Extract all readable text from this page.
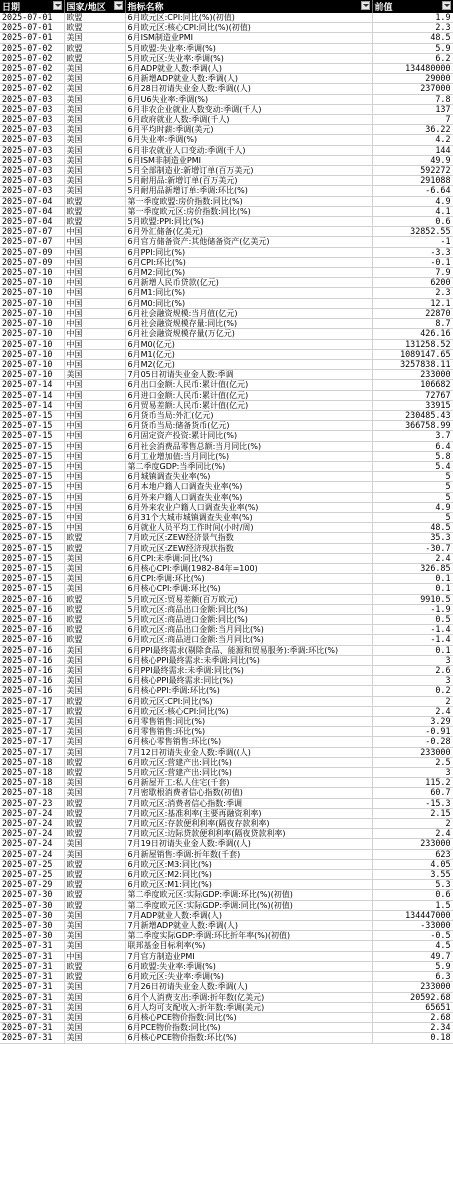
日期	国家/地区	指标名称	前值

2025-07-01	欧盟	6月欧元区:CPI:同比(%)(初值)	1.9
2025-07-01	欧盟	6月欧元区:核心CPI:同比(%)(初值)	2.3
2025-07-01	美国	6月ISM制造业PMI	48.5
2025-07-02	欧盟	5月欧盟:失业率:季调(%)	5.9
2025-07-02	欧盟	5月欧元区:失业率:季调(%)	6.2
2025-07-02	美国	6月ADP就业人数:季调(人)	134480000
2025-07-02	美国	6月新增ADP就业人数:季调(人)	29000
2025-07-02	美国	6月28日初请失业金人数:季调((人)	237000
2025-07-03	美国	6月U6失业率:季调(%)	7.8
2025-07-03	美国	6月非农企业就业人数变动:季调(千人)	137
2025-07-03	美国	6月政府就业人数:季调(千人)	7
2025-07-03	美国	6月平均时薪:季调(美元)	36.22
2025-07-03	美国	6月失业率:季调(%)	4.2
2025-07-03	美国	6月非农就业人口变动:季调(千人)	144
2025-07-03	美国	6月ISM非制造业PMI	49.9
2025-07-03	美国	5月全部制造业:新增订单(百万美元)	592272
2025-07-03	美国	5月耐用品:新增订单(百万美元)	291088
2025-07-03	美国	5月耐用品新增订单:季调:环比(%)	-6.64
2025-07-04	欧盟	第一季度欧盟:房价指数:同比(%)	4.9
2025-07-04	欧盟	第一季度欧元区:房价指数:同比(%)	4.1
2025-07-04	欧盟	5月欧盟:PPI:同比(%)	0.6
2025-07-07	中国	6月外汇储备(亿美元)	32852.55
2025-07-07	中国	6月官方储备资产:其他储备资产(亿美元)	-1
2025-07-09	中国	6月PPI:同比(%)	-3.3
2025-07-09	中国	6月CPI:环比(%)	-0.1
2025-07-10	中国	6月M2:同比(%)	7.9
2025-07-10	中国	6月新增人民币贷款(亿元)	6200
2025-07-10	中国	6月M1:同比(%)	2.3
2025-07-10	中国	6月M0:同比(%)	12.1
2025-07-10	中国	6月社会融资规模:当月值(亿元)	22870
2025-07-10	中国	6月社会融资规模存量:同比(%)	8.7
2025-07-10	中国	6月社会融资规模存量(万亿元)	426.16
2025-07-10	中国	6月M0(亿元)	131258.52
2025-07-10	中国	6月M1(亿元)	1089147.65
2025-07-10	中国	6月M2(亿元)	3257838.11
2025-07-10	美国	7月05日初请失业金人数:季调	233000
2025-07-14	中国	6月出口金额:人民币:累计值(亿元)	106682
2025-07-14	中国	6月进口金额:人民币:累计值(亿元)	72767
2025-07-14	中国	6月贸易差额:人民币:累计值(亿元)	33915
2025-07-15	中国	6月货币当局:外汇(亿元)	230485.43
2025-07-15	中国	6月货币当局:储备货币(亿元)	366758.99
2025-07-15	中国	6月固定资产投资:累计同比(%)	3.7
2025-07-15	中国	6月社会消费品零售总额:当月同比(%)	6.4
2025-07-15	中国	6月工业增加值:当月同比(%)	5.8
2025-07-15	中国	第二季度GDP:当季同比(%)	5.4
2025-07-15	中国	6月城镇调查失业率(%)	5
2025-07-15	中国	6月本地户籍人口调查失业率(%)	5
2025-07-15	中国	6月外来户籍人口调查失业率(%)	5
2025-07-15	中国	6月外来农业户籍人口调查失业率(%)	4.9
2025-07-15	中国	6月31个大城市城镇调查失业率(%)	5
2025-07-15	中国	6月就业人员平均工作时间(小时/周)	48.5
2025-07-15	欧盟	7月欧元区:ZEW经济景气指数	35.3
2025-07-15	欧盟	7月欧元区:ZEW经济现状指数	-30.7
2025-07-15	美国	6月CPI:未季调:同比(%)	2.4
2025-07-15	美国	6月核心CPI:季调(1982-84年=100)	326.85
2025-07-15	美国	6月CPI:季调:环比(%)	0.1
2025-07-15	美国	6月核心CPI:季调:环比(%)	0.1
2025-07-16	欧盟	5月欧元区:贸易差额(百万欧元)	9910.5
2025-07-16	欧盟	5月欧元区:商品出口金额:同比(%)	-1.9
2025-07-16	欧盟	5月欧元区:商品进口金额:同比(%)	0.5
2025-07-16	欧盟	6月欧元区:商品出口金额:当月同比(%)	-1.4
2025-07-16	欧盟	6月欧元区:商品进口金额:当月同比(%)	-1.4
2025-07-16	美国	6月PPI最终需求(剔除食品、能源和贸易服务):季调:环比(%)	0.1
2025-07-16	美国	6月核心PPI最终需求:未季调:同比(%)	3
2025-07-16	美国	6月PPI最终需求:未季调:同比(%)	2.6
2025-07-16	美国	6月核心PPI最终需求:同比(%)	3
2025-07-16	美国	6月核心PPI:季调:环比(%)	0.2
2025-07-17	欧盟	6月欧元区:CPI:同比(%)	2
2025-07-17	欧盟	6月欧元区:核心CPI:同比(%)	2.4
2025-07-17	美国	6月零售销售:同比(%)	3.29
2025-07-17	美国	6月零售销售:环比(%)	-0.91
2025-07-17	美国	6月核心零售销售:环比(%)	-0.28
2025-07-17	美国	7月12日初请失业金人数:季调((人)	233000
2025-07-18	欧盟	6月欧元区:营建产出:同比(%)	2.5
2025-07-18	欧盟	5月欧元区:营建产出:同比(%)	3
2025-07-18	美国	6月新屋开工:私人住宅(千套)	115.2
2025-07-18	美国	7月密歇根消费者信心指数(初值)	60.7
2025-07-23	欧盟	7月欧元区:消费者信心指数:季调	-15.3
2025-07-24	欧盟	7月欧元区:基准利率(主要再融资利率)	2.15
2025-07-24	欧盟	7月欧元区:存款便利利率(隔夜存款利率)	2
2025-07-24	欧盟	7月欧元区:边际贷款便利利率(隔夜贷款利率)	2.4
2025-07-24	美国	7月19日初请失业金人数:季调((人)	233000
2025-07-24	美国	6月新屋销售:季调:折年数(千套)	623
2025-07-25	欧盟	6月欧元区:M3:同比(%)	4.05
2025-07-25	欧盟	6月欧元区:M2:同比(%)	3.55
2025-07-29	欧盟	6月欧元区:M1:同比(%)	5.3
2025-07-30	欧盟	第二季度欧元区:实际GDP:季调:环比(%)(初值)	0.6
2025-07-30	欧盟	第二季度欧元区:实际GDP:季调:同比(%)(初值)	1.5
2025-07-30	美国	7月ADP就业人数:季调(人)	134447000
2025-07-30	美国	7月新增ADP就业人数:季调(人)	-33000
2025-07-30	美国	第二季度实际GDP:季调:环比折年率(%)(初值)	-0.5
2025-07-31	美国	联邦基金目标利率(%)	4.5
2025-07-31	中国	7月官方制造业PMI	49.7
2025-07-31	欧盟	6月欧盟:失业率:季调(%)	5.9
2025-07-31	欧盟	6月欧元区:失业率:季调(%)	6.3
2025-07-31	美国	7月26日初请失业金人数:季调(人)	233000
2025-07-31	美国	6月个人消费支出:季调:折年数(亿美元)	20592.68
2025-07-31	美国	6月人均可支配收入:折年数:季调(美元)	65651
2025-07-31	美国	6月核心PCE物价指数:同比(%)	2.68
2025-07-31	美国	6月PCE物价指数:同比(%)	2.34
2025-07-31	美国	6月核心PCE物价指数:环比(%)	0.18
